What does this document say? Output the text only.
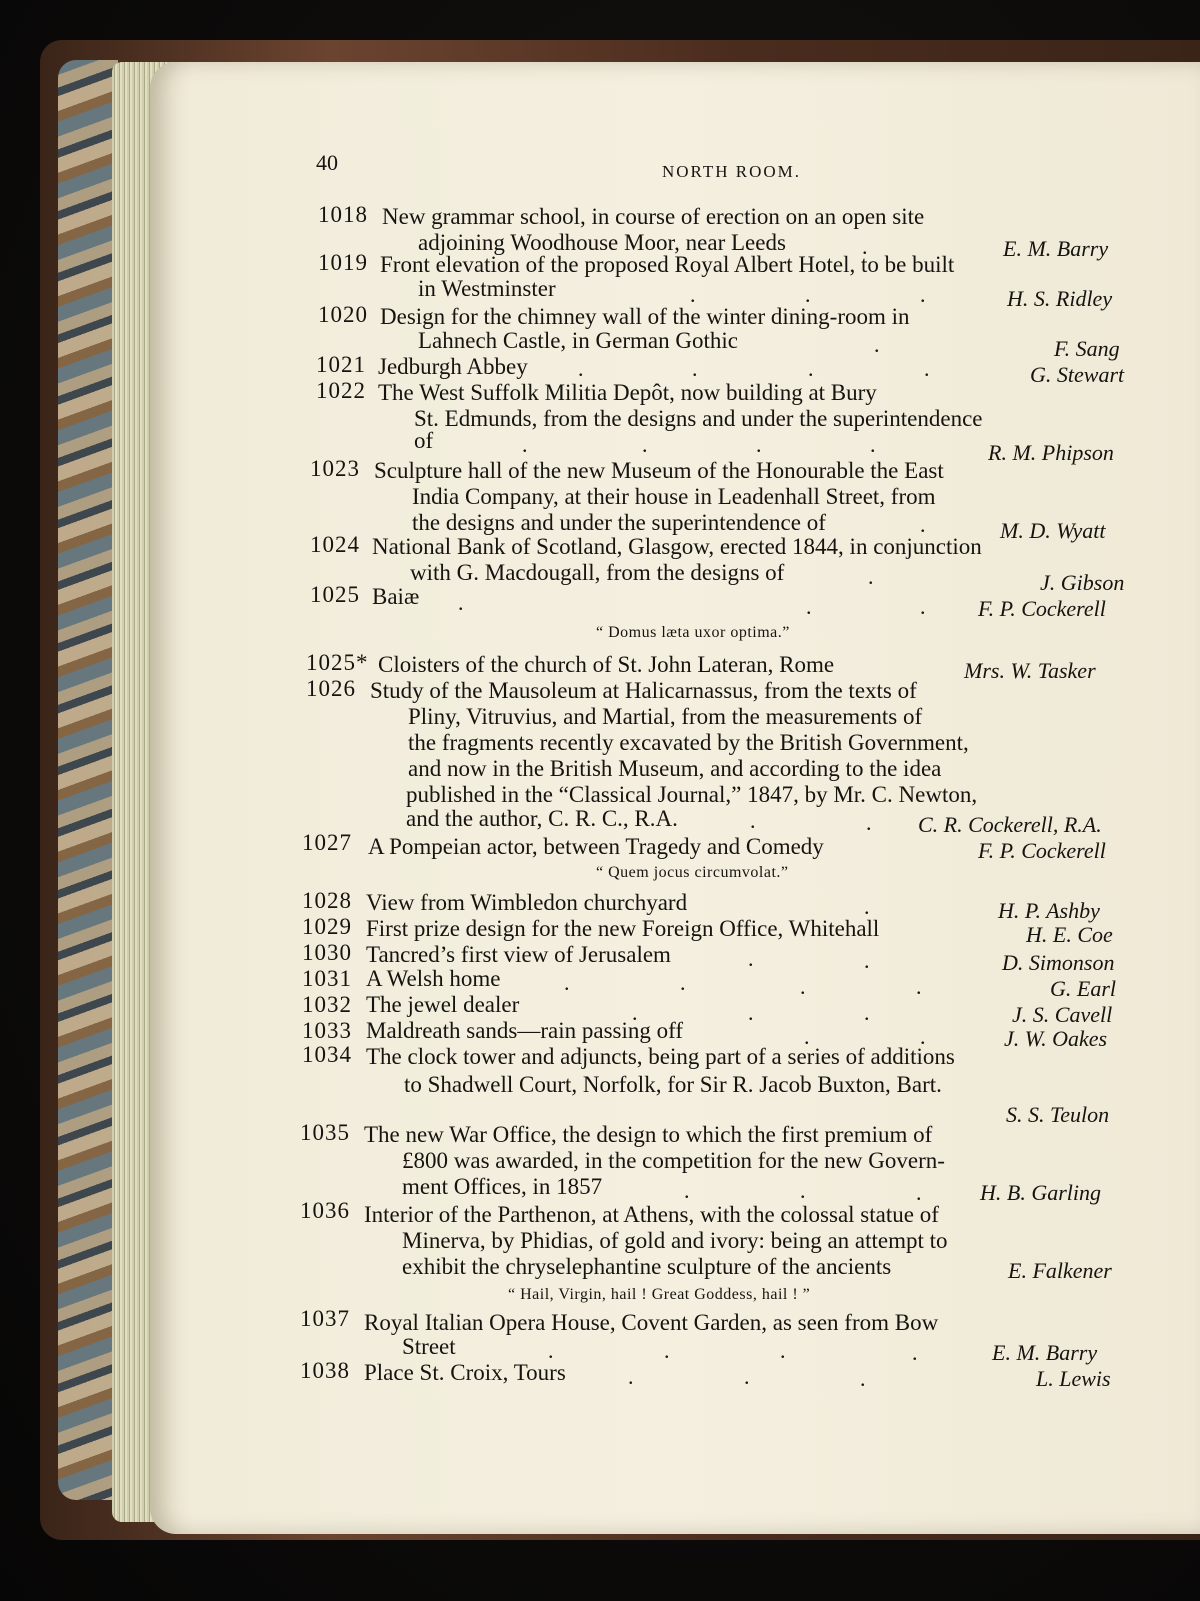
40	NORTH ROOM.
1018 New grammar school, in course of erection on an open site
adjoining Woodhouse Moor, near Leeds	.	E. M. Barry
1019 Front elevation of the proposed Royal Albert Hotel, to be built
in Westminster	.	.	.	H. S. Ridley
1020 Design for the chimney wall of the winter dining-room in
Lahnech Castle, in German Gothic	.	F. Sang
1021 Jedburgh Abbey .	.	.	.	G. Stewart
1022 The West Suffolk Militia Depôt, now building at Bury
St. Edmunds, from the designs and under the superintendence
of	.	.	.	.	R. M. Phipson
1023 Sculpture hall of the new Museum of the Honourable the East
India Company, at their house in Leadenhall Street, from
the designs and under the superintendence of	.	M. D. Wyatt
1024 National Bank of Scotland, Glasgow, erected 1844, in conjunction
with G. Macdougall, from the designs of	.	J. Gibson
1025 Baiæ .	.	. F. P. Cockerell
“ Domus læta uxor optima.”
1025* Cloisters of the church of St. John Lateran, Rome	Mrs. W. Tasker
1026 Study of the Mausoleum at Halicarnassus, from the texts of
Pliny, Vitruvius, and Martial, from the measurements of
the fragments recently excavated by the British Government,
and now in the British Museum, and according to the idea
published in the “Classical Journal,” 1847, by Mr. C. Newton,
and the author, C. R. C., R.A.	.	. C. R. Cockerell, R.A.
1027 A Pompeian actor, between Tragedy and Comedy	F. P. Cockerell
“ Quem jocus circumvolat.”
1028 View from Wimbledon churchyard	.	H. P. Ashby
1029 First prize design for the new Foreign Office, Whitehall	H. E. Coe
1030 Tancred’s first view of Jerusalem	.	.	D. Simonson
1031 A Welsh home	.	.	.	.	G. Earl
1032 The jewel dealer	.	.	.	J. S. Cavell
1033 Maldreath sands—rain passing off	.	.	J. W. Oakes
1034 The clock tower and adjuncts, being part of a series of additions
to Shadwell Court, Norfolk, for Sir R. Jacob Buxton, Bart.
S. S. Teulon
1035 The new War Office, the design to which the first premium of
£800 was awarded, in the competition for the new Govern-
ment Offices, in 1857	.	.	.	H. B. Garling
1036 Interior of the Parthenon, at Athens, with the colossal statue of
Minerva, by Phidias, of gold and ivory: being an attempt to
exhibit the chryselephantine sculpture of the ancients	E. Falkener
“ Hail, Virgin, hail ! Great Goddess, hail ! ”
1037 Royal Italian Opera House, Covent Garden, as seen from Bow
Street	.	.	.	.	E. M. Barry
1038 Place St. Croix, Tours	.	.	.	L. Lewis
